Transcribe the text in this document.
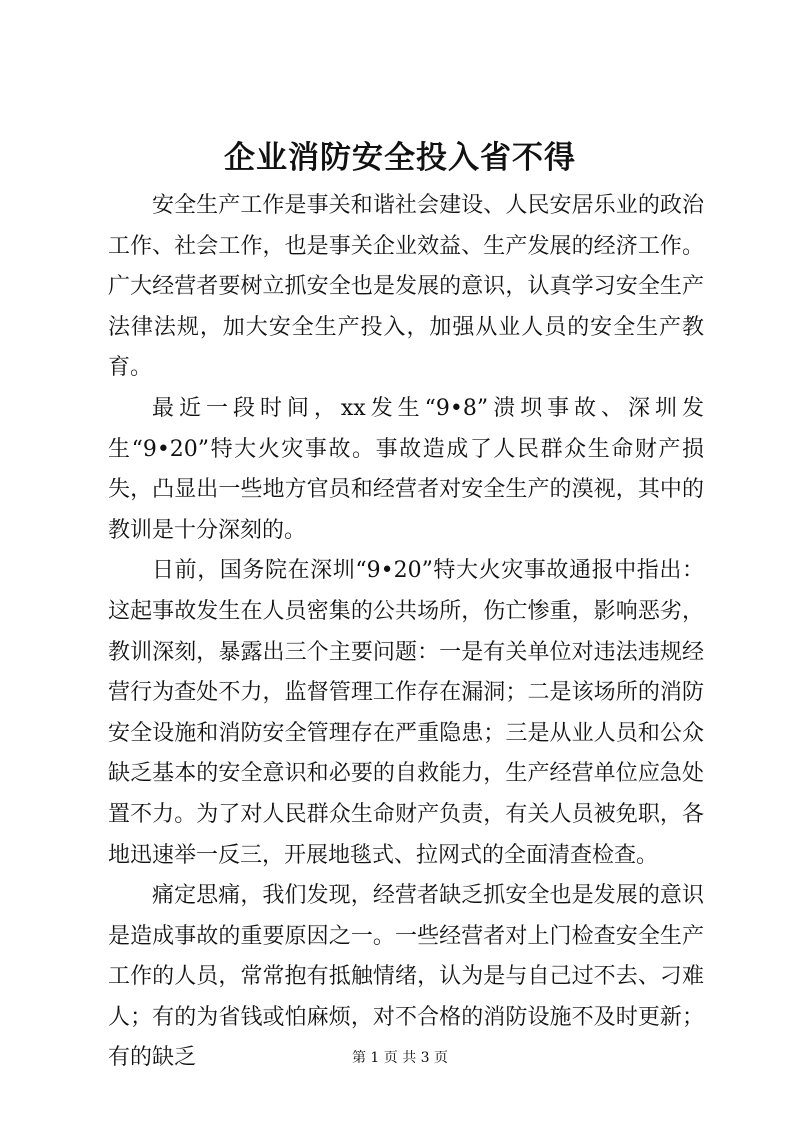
企业消防安全投入省不得

安全生产工作是事关和谐社会建设、人民安居乐业的政治工作、社会工作，也是事关企业效益、生产发展的经济工作。广大经营者要树立抓安全也是发展的意识，认真学习安全生产法律法规，加大安全生产投入，加强从业人员的安全生产教育。

最近一段时间，xx发生“9•8”溃坝事故、深圳发生“9•20”特大火灾事故。事故造成了人民群众生命财产损失，凸显出一些地方官员和经营者对安全生产的漠视，其中的教训是十分深刻的。

日前，国务院在深圳“9•20”特大火灾事故通报中指出：这起事故发生在人员密集的公共场所，伤亡惨重，影响恶劣，教训深刻，暴露出三个主要问题：一是有关单位对违法违规经营行为查处不力，监督管理工作存在漏洞；二是该场所的消防安全设施和消防安全管理存在严重隐患；三是从业人员和公众缺乏基本的安全意识和必要的自救能力，生产经营单位应急处置不力。为了对人民群众生命财产负责，有关人员被免职，各地迅速举一反三，开展地毯式、拉网式的全面清查检查。

痛定思痛，我们发现，经营者缺乏抓安全也是发展的意识是造成事故的重要原因之一。一些经营者对上门检查安全生产工作的人员，常常抱有抵触情绪，认为是与自己过不去、刁难人；有的为省钱或怕麻烦，对不合格的消防设施不及时更新；有的缺乏	第 1 页 共 3 页
